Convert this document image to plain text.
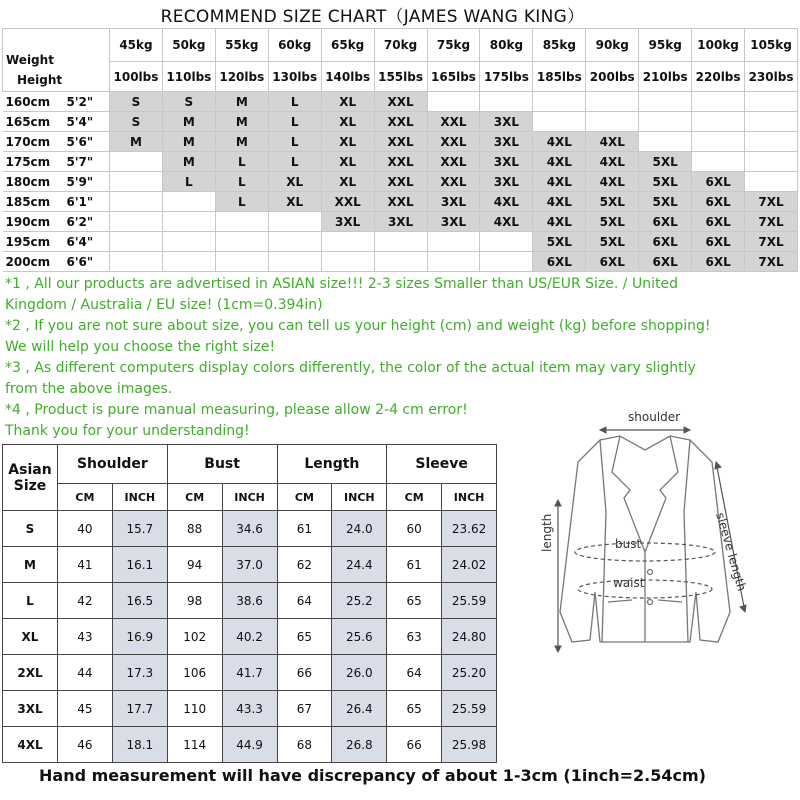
RECOMMEND SIZE CHART（JAMES WANG KING）
Weight
Height		45kg	50kg	55kg	60kg	65kg	70kg	75kg	80kg	85kg	90kg	95kg	100kg	105kg
		100lbs	110lbs	120lbs	130lbs	140lbs	155lbs	165lbs	175lbs	185lbs	200lbs	210lbs	220lbs	230lbs
160cm	5'2"	S	S	M	L	XL	XXL							
165cm	5'4"	S	M	M	L	XL	XXL	XXL	3XL					
170cm	5'6"	M	M	M	L	XL	XXL	XXL	3XL	4XL	4XL			
175cm	5'7"		M	L	L	XL	XXL	XXL	3XL	4XL	4XL	5XL		
180cm	5'9"		L	L	XL	XL	XXL	XXL	3XL	4XL	4XL	5XL	6XL	
185cm	6'1"			L	XL	XXL	XXL	3XL	4XL	4XL	5XL	5XL	6XL	7XL
190cm	6'2"					3XL	3XL	3XL	4XL	4XL	5XL	6XL	6XL	7XL
195cm	6'4"									5XL	5XL	6XL	6XL	7XL
200cm	6'6"									6XL	6XL	6XL	6XL	7XL
*1 , All our products are advertised in ASIAN size!!! 2-3 sizes Smaller than US/EUR Size. / United
Kingdom / Australia / EU size! (1cm=0.394in)
*2 , If you are not sure about size, you can tell us your height (cm) and weight (kg) before shopping!
We will help you choose the right size!
*3 , As different computers display colors differently, the color of the actual item may vary slightly
from the above images.
*4 , Product is pure manual measuring, please allow 2-4 cm error!
Thank you for your understanding!
Asian
Size	Shoulder		Bust		Length		Sleeve	
	CM	INCH	CM	INCH	CM	INCH	CM	INCH
S	40	15.7	88	34.6	61	24.0	60	23.62
M	41	16.1	94	37.0	62	24.4	61	24.02
L	42	16.5	98	38.6	64	25.2	65	25.59
XL	43	16.9	102	40.2	65	25.6	63	24.80
2XL	44	17.3	106	41.7	66	26.0	64	25.20
3XL	45	17.7	110	43.3	67	26.4	65	25.59
4XL	46	18.1	114	44.9	68	26.8	66	25.98
shoulder
length	bust
waist	sleeve length
Hand measurement will have discrepancy of about 1-3cm (1inch=2.54cm)
